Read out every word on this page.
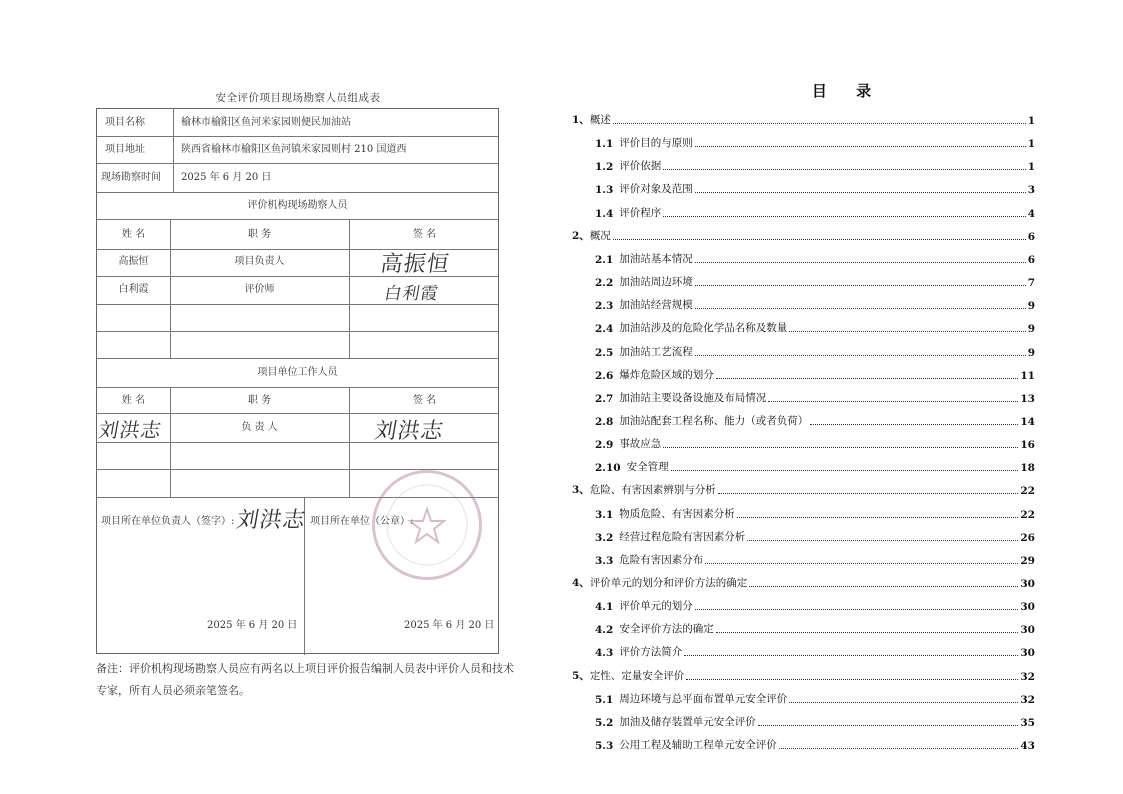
安全评价项目现场勘察人员组成表
项目名称	榆林市榆阳区鱼河米家园则便民加油站
项目地址	陕西省榆林市榆阳区鱼河镇米家园则村 210 国道西
现场勘察时间 2025 年 6 月 20 日
评价机构现场勘察人员
姓 名	职 务	签 名
高振恒	项目负责人	高振恒
白利霞	评价师	白利霞
项目单位工作人员
姓 名	职 务	签 名
刘洪志	负 责 人	刘洪志
项目所在单位负责人（签字）: 刘洪志 项目所在单位（公章）:
2025 年 6 月 20 日	2025 年 6 月 20 日
备注：评价机构现场勘察人员应有两名以上项目评价报告编制人员表中评价人员和技术专家，所有人员必须亲笔签名。
目 录
1、 概述	1
1.1 评价目的与原则	1
1.2 评价依据	1
1.3 评价对象及范围	3
1.4 评价程序	4
2、 概况	6
2.1 加油站基本情况	6
2.2 加油站周边环境	7
2.3 加油站经营规模	9
2.4 加油站涉及的危险化学品名称及数量	9
2.5 加油站工艺流程	9
2.6 爆炸危险区域的划分	11
2.7 加油站主要设备设施及布局情况	13
2.8 加油站配套工程名称、能力（或者负荷）	14
2.9 事故应急	16
2.10 安全管理	18
3、 危险、有害因素辨别与分析	22
3.1 物质危险、有害因素分析	22
3.2 经营过程危险有害因素分析	26
3.3 危险有害因素分布	29
4、 评价单元的划分和评价方法的确定	30
4.1 评价单元的划分	30
4.2 安全评价方法的确定	30
4.3 评价方法简介	30
5、 定性、定量安全评价	32
5.1 周边环境与总平面布置单元安全评价	32
5.2 加油及储存装置单元安全评价	35
5.3 公用工程及辅助工程单元安全评价	43
